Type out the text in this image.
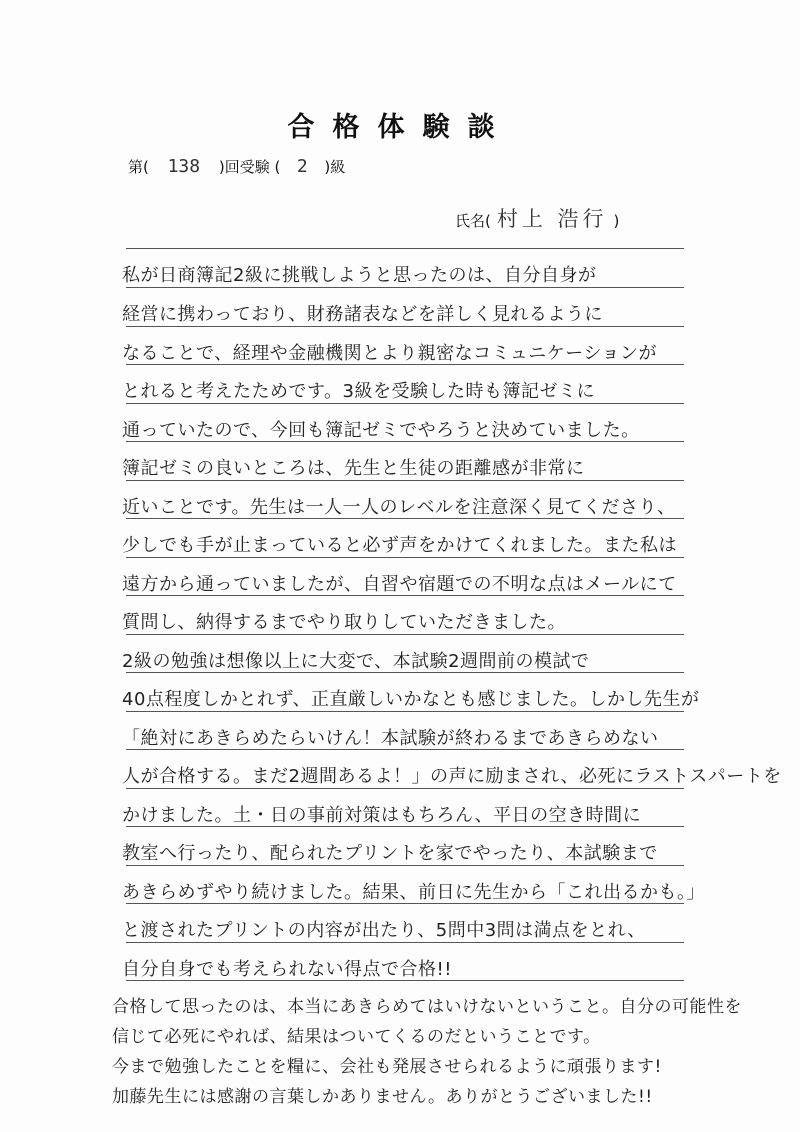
合格体験談
第( 138 )回受験 ( 2 )級
氏名( 村上 浩行 )
私が日商簿記2級に挑戦しようと思ったのは、自分自身が
経営に携わっており、財務諸表などを詳しく見れるように
なることで、経理や金融機関とより親密なコミュニケーションが
とれると考えたためです。3級を受験した時も簿記ゼミに
通っていたので、今回も簿記ゼミでやろうと決めていました。
簿記ゼミの良いところは、先生と生徒の距離感が非常に
近いことです。先生は一人一人のレベルを注意深く見てくださり、
少しでも手が止まっていると必ず声をかけてくれました。また私は
遠方から通っていましたが、自習や宿題での不明な点はメールにて
質問し、納得するまでやり取りしていただきました。
2級の勉強は想像以上に大変で、本試験2週間前の模試で
40点程度しかとれず、正直厳しいかなとも感じました。しかし先生が
「絶対にあきらめたらいけん！本試験が終わるまであきらめない
人が合格する。まだ2週間あるよ！」の声に励まされ、必死にラストスパートを
かけました。土・日の事前対策はもちろん、平日の空き時間に
教室へ行ったり、配られたプリントを家でやったり、本試験まで
あきらめずやり続けました。結果、前日に先生から「これ出るかも。」
と渡されたプリントの内容が出たり、5問中3問は満点をとれ、
自分自身でも考えられない得点で合格!!
合格して思ったのは、本当にあきらめてはいけないということ。自分の可能性を
信じて必死にやれば、結果はついてくるのだということです。
今まで勉強したことを糧に、会社も発展させられるように頑張ります!
加藤先生には感謝の言葉しかありません。ありがとうございました!!
